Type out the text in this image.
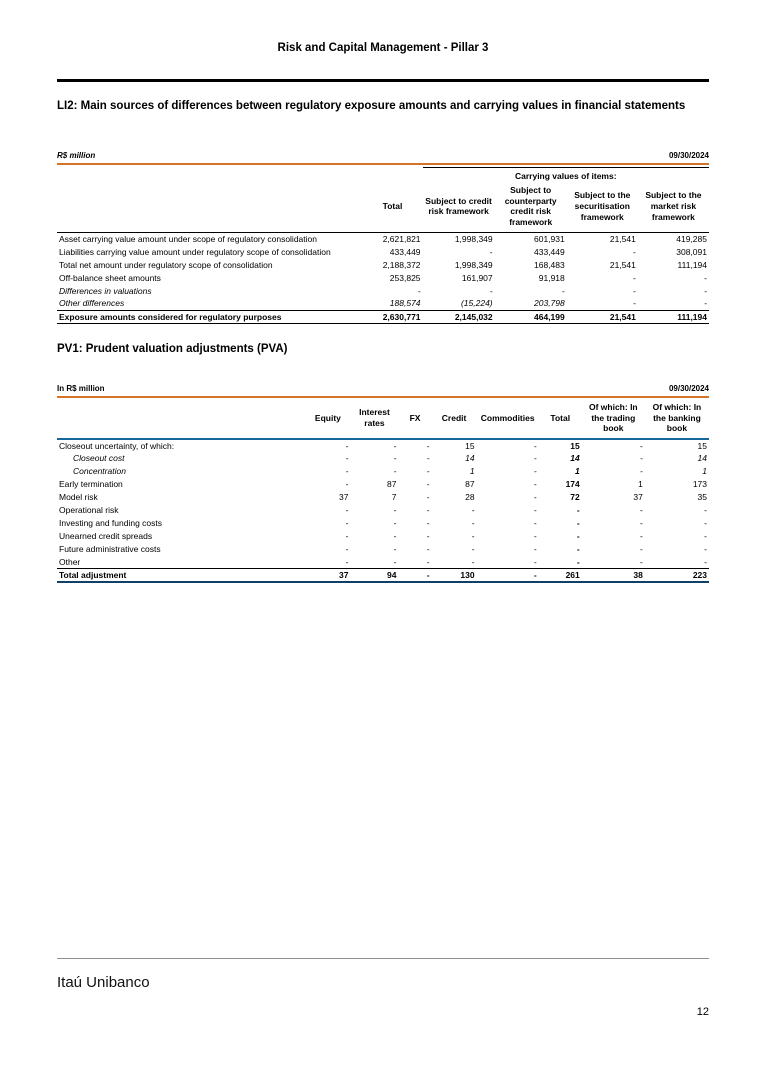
Risk and Capital Management - Pillar 3
LI2: Main sources of differences between regulatory exposure amounts and carrying values in financial statements
R$ million	09/30/2024
		Carrying values of items:			
	Total	Subject to credit risk framework	Subject to counterparty credit risk framework	Subject to the securitisation framework	Subject to the market risk framework
Asset carrying value amount under scope of regulatory consolidation	2,621,821	1,998,349	601,931	21,541	419,285
Liabilities carrying value amount under regulatory scope of consolidation	433,449	-	433,449	-	308,091
Total net amount under regulatory scope of consolidation	2,188,372	1,998,349	168,483	21,541	111,194
Off-balance sheet amounts	253,825	161,907	91,918	-	-
Differences in valuations	-	-	-	-	-
Other differences	188,574	(15,224)	203,798	-	-
Exposure amounts considered for regulatory purposes	2,630,771	2,145,032	464,199	21,541	111,194
PV1: Prudent valuation adjustments (PVA)
In R$ million	09/30/2024
	Equity	Interest rates	FX	Credit	Commodities	Total	Of which: In the trading book	Of which: In the banking book
Closeout uncertainty, of which:	-	-	-	15	-	15	-	15
Closeout cost	-	-	-	14	-	14	-	14
Concentration	-	-	-	1	-	1	-	1
Early termination	-	87	-	87	-	174	1	173
Model risk	37	7	-	28	-	72	37	35
Operational risk	-	-	-	-	-	-	-	-
Investing and funding costs	-	-	-	-	-	-	-	-
Unearned credit spreads	-	-	-	-	-	-	-	-
Future administrative costs	-	-	-	-	-	-	-	-
Other	-	-	-	-	-	-	-	-
Total adjustment	37	94	-	130	-	261	38	223
Itaú Unibanco
12
